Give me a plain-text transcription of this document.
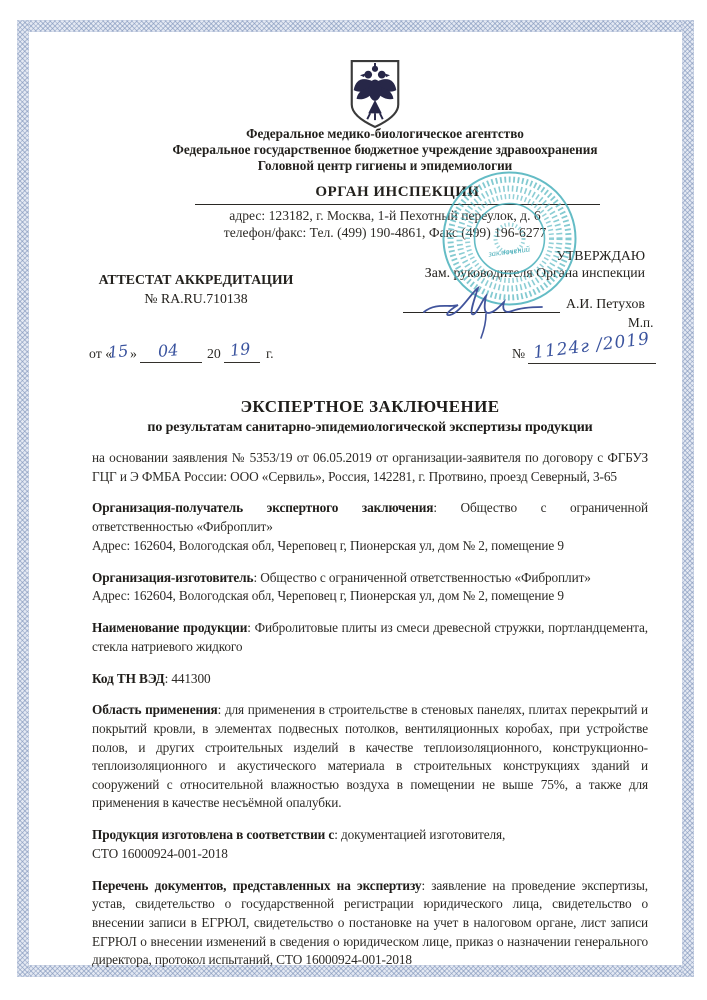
Федеральное медико-биологическое агентство
Федеральное государственное бюджетное учреждение здравоохранения
Головной центр гигиены и эпидемиологии
ОРГАН ИНСПЕКЦИИ
адрес: 123182, г. Москва, 1-й Пехотный переулок, д. 6
телефон/факс: Тел. (499) 190-4861, Факс (499) 196-6277
АТТЕСТАТ АККРЕДИТАЦИИ
№ RA.RU.710138
УТВЕРЖДАЮ
Зам. руководителя Органа инспекции
А.И. Петухов
М.п.
заключений
от «
15 » 04 20 19 г.	№ 1124г /2019
ЭКСПЕРТНОЕ ЗАКЛЮЧЕНИЕ
по результатам санитарно-эпидемиологической экспертизы продукции

на основании заявления № 5353/19 от 06.05.2019 от организации-заявителя по договору с ФГБУЗ ГЦГ и Э ФМБА России: ООО «Сервиль», Россия, 142281, г. Протвино, проезд Северный, 3-65

Организация-получатель экспертного заключения: Общество с ограниченной ответственностью «Фиброплит»
Адрес: 162604, Вологодская обл, Череповец г, Пионерская ул, дом № 2, помещение 9

Организация-изготовитель: Общество с ограниченной ответственностью «Фиброплит»
Адрес: 162604, Вологодская обл, Череповец г, Пионерская ул, дом № 2, помещение 9

Наименование продукции: Фибролитовые плиты из смеси древесной стружки, портландцемента, стекла натриевого жидкого

Код ТН ВЭД: 441300

Область применения: для применения в строительстве в стеновых панелях, плитах перекрытий и покрытий кровли, в элементах подвесных потолков, вентиляционных коробах, при устройстве полов, и других строительных изделий в качестве теплоизоляционного, конструкционно-теплоизоляционного и акустического материала в строительных конструкциях зданий и сооружений с относительной влажностью воздуха в помещении не выше 75%, а также для применения в качестве несъёмной опалубки.

Продукция изготовлена в соответствии с: документацией изготовителя,
СТО 16000924-001-2018

Перечень документов, представленных на экспертизу: заявление на проведение экспертизы, устав, свидетельство о государственной регистрации юридического лица, свидетельство о внесении записи в ЕГРЮЛ, свидетельство о постановке на учет в налоговом органе, лист записи ЕГРЮЛ о внесении изменений в сведения о юридическом лице, приказ о назначении генерального директора, протокол испытаний, СТО 16000924-001-2018
